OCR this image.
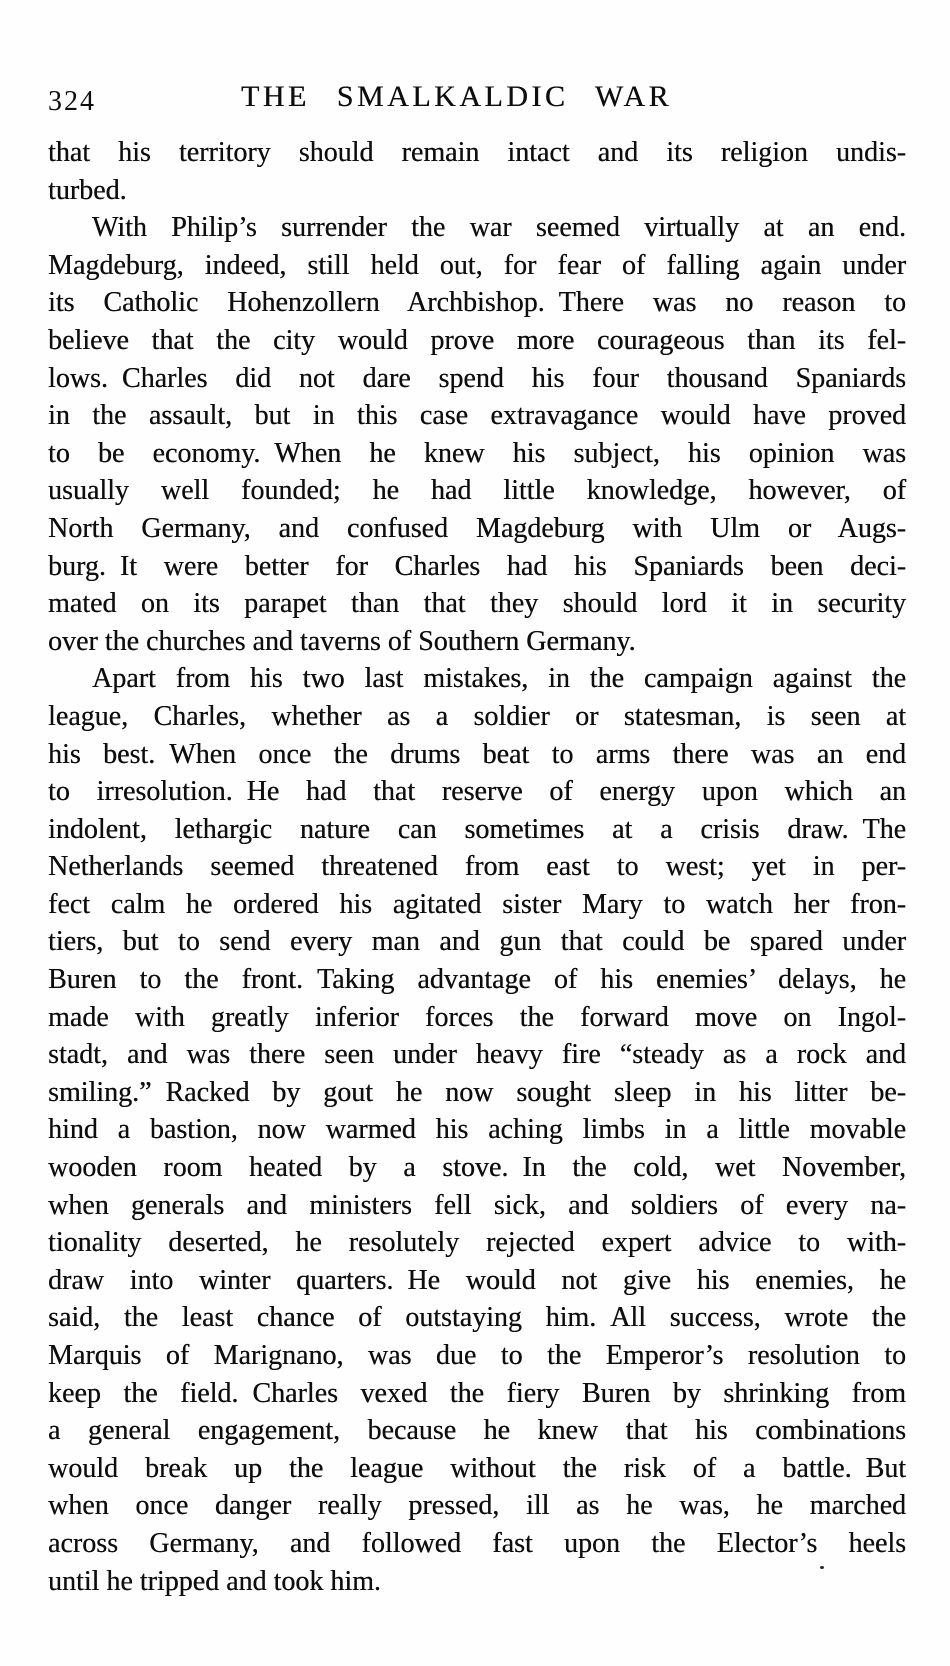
324	THE SMALKALDIC WAR
that his territory should remain intact and its religion undis-
turbed.
With Philip’s surrender the war seemed virtually at an end.
Magdeburg, indeed, still held out, for fear of falling again under
its Catholic Hohenzollern Archbishop. There was no reason to
believe that the city would prove more courageous than its fel-
lows. Charles did not dare spend his four thousand Spaniards
in the assault, but in this case extravagance would have proved
to be economy. When he knew his subject, his opinion was
usually well founded; he had little knowledge, however, of
North Germany, and confused Magdeburg with Ulm or Augs-
burg. It were better for Charles had his Spaniards been deci-
mated on its parapet than that they should lord it in security
over the churches and taverns of Southern Germany.
Apart from his two last mistakes, in the campaign against the
league, Charles, whether as a soldier or statesman, is seen at
his best. When once the drums beat to arms there was an end
to irresolution. He had that reserve of energy upon which an
indolent, lethargic nature can sometimes at a crisis draw. The
Netherlands seemed threatened from east to west; yet in per-
fect calm he ordered his agitated sister Mary to watch her fron-
tiers, but to send every man and gun that could be spared under
Buren to the front. Taking advantage of his enemies’ delays, he
made with greatly inferior forces the forward move on Ingol-
stadt, and was there seen under heavy fire “steady as a rock and
smiling.” Racked by gout he now sought sleep in his litter be-
hind a bastion, now warmed his aching limbs in a little movable
wooden room heated by a stove. In the cold, wet November,
when generals and ministers fell sick, and soldiers of every na-
tionality deserted, he resolutely rejected expert advice to with-
draw into winter quarters. He would not give his enemies, he
said, the least chance of outstaying him. All success, wrote the
Marquis of Marignano, was due to the Emperor’s resolution to
keep the field. Charles vexed the fiery Buren by shrinking from
a general engagement, because he knew that his combinations
would break up the league without the risk of a battle. But
when once danger really pressed, ill as he was, he marched
across Germany, and followed fast upon the Elector’s heels
until he tripped and took him.
